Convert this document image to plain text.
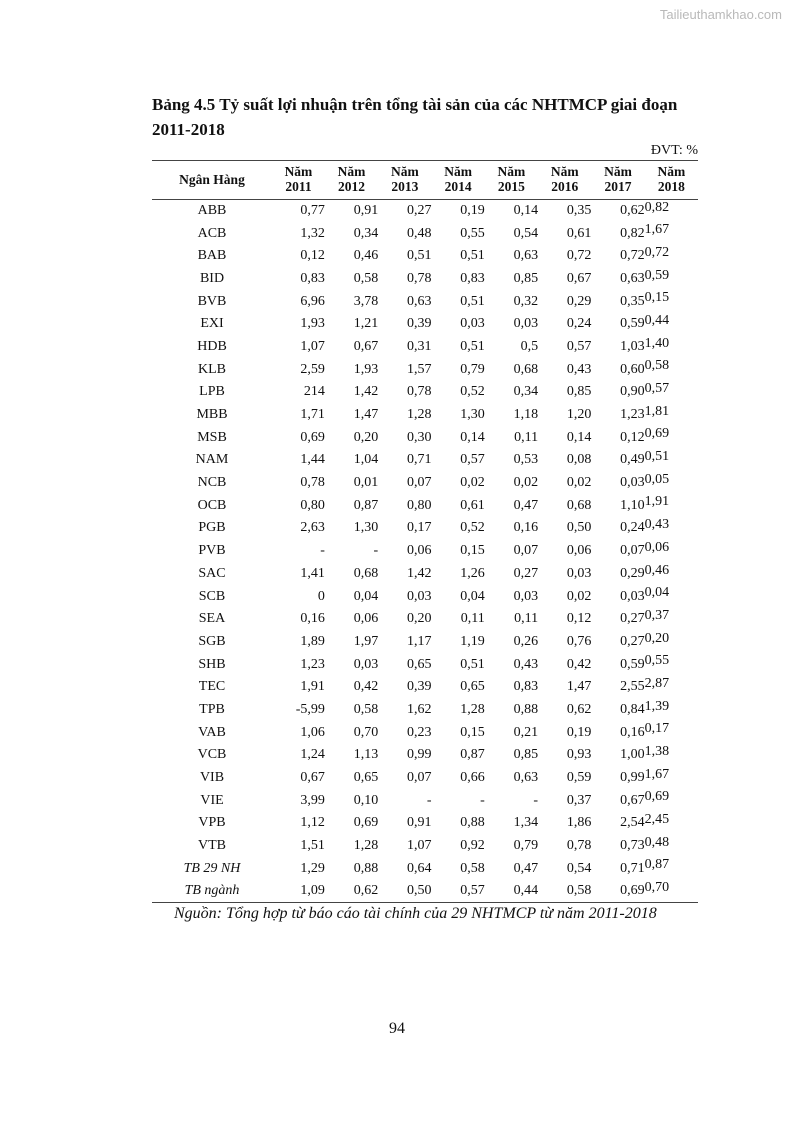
Tailieuthamkhao.com
Bảng 4.5 Tỷ suất lợi nhuận trên tổng tài sản của các NHTMCP giai đoạn 2011-2018
ĐVT: %
Ngân Hàng	Năm 2011	Năm 2012	Năm 2013	Năm 2014	Năm 2015	Năm 2016	Năm 2017	Năm 2018
ABB	0,77	0,91	0,27	0,19	0,14	0,35	0,62	0,82
ACB	1,32	0,34	0,48	0,55	0,54	0,61	0,82	1,67
BAB	0,12	0,46	0,51	0,51	0,63	0,72	0,72	0,72
BID	0,83	0,58	0,78	0,83	0,85	0,67	0,63	0,59
BVB	6,96	3,78	0,63	0,51	0,32	0,29	0,35	0,15
EXI	1,93	1,21	0,39	0,03	0,03	0,24	0,59	0,44
HDB	1,07	0,67	0,31	0,51	0,5	0,57	1,03	1,40
KLB	2,59	1,93	1,57	0,79	0,68	0,43	0,60	0,58
LPB	214	1,42	0,78	0,52	0,34	0,85	0,90	0,57
MBB	1,71	1,47	1,28	1,30	1,18	1,20	1,23	1,81
MSB	0,69	0,20	0,30	0,14	0,11	0,14	0,12	0,69
NAM	1,44	1,04	0,71	0,57	0,53	0,08	0,49	0,51
NCB	0,78	0,01	0,07	0,02	0,02	0,02	0,03	0,05
OCB	0,80	0,87	0,80	0,61	0,47	0,68	1,10	1,91
PGB	2,63	1,30	0,17	0,52	0,16	0,50	0,24	0,43
PVB	-	-	0,06	0,15	0,07	0,06	0,07	0,06
SAC	1,41	0,68	1,42	1,26	0,27	0,03	0,29	0,46
SCB	0	0,04	0,03	0,04	0,03	0,02	0,03	0,04
SEA	0,16	0,06	0,20	0,11	0,11	0,12	0,27	0,37
SGB	1,89	1,97	1,17	1,19	0,26	0,76	0,27	0,20
SHB	1,23	0,03	0,65	0,51	0,43	0,42	0,59	0,55
TEC	1,91	0,42	0,39	0,65	0,83	1,47	2,55	2,87
TPB	-5,99	0,58	1,62	1,28	0,88	0,62	0,84	1,39
VAB	1,06	0,70	0,23	0,15	0,21	0,19	0,16	0,17
VCB	1,24	1,13	0,99	0,87	0,85	0,93	1,00	1,38
VIB	0,67	0,65	0,07	0,66	0,63	0,59	0,99	1,67
VIE	3,99	0,10	-	-	-	0,37	0,67	0,69
VPB	1,12	0,69	0,91	0,88	1,34	1,86	2,54	2,45
VTB	1,51	1,28	1,07	0,92	0,79	0,78	0,73	0,48
TB 29 NH	1,29	0,88	0,64	0,58	0,47	0,54	0,71	0,87
TB ngành	1,09	0,62	0,50	0,57	0,44	0,58	0,69	0,70
Nguồn: Tổng hợp từ báo cáo tài chính của 29 NHTMCP từ năm 2011-2018
94
